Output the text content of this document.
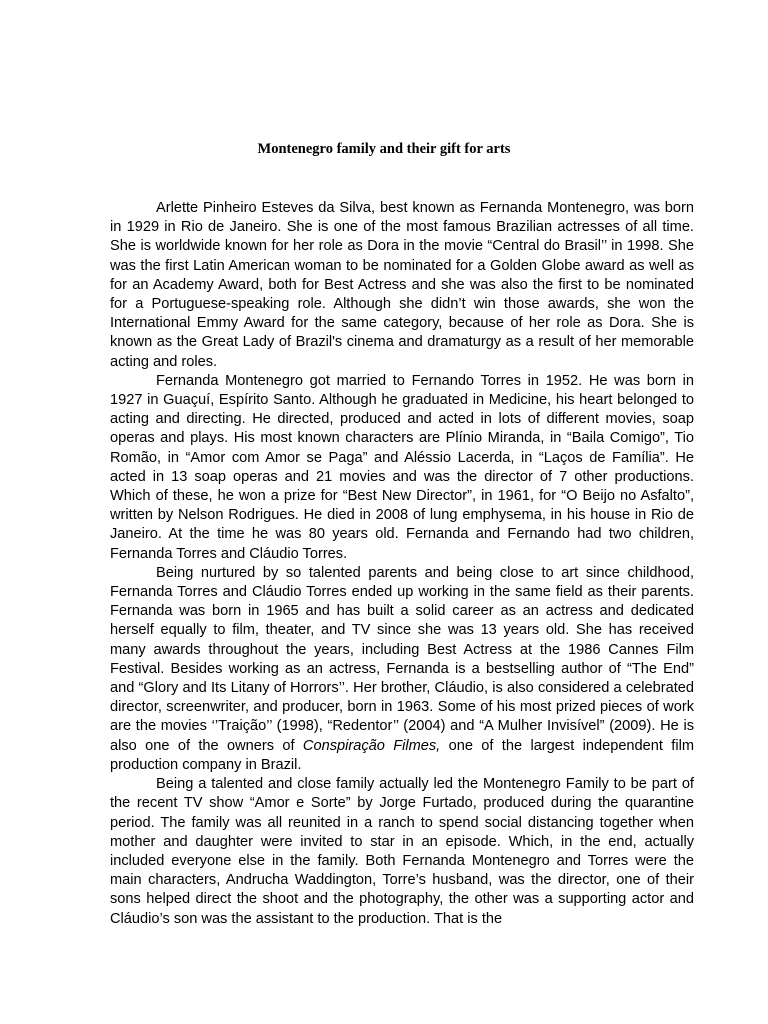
Montenegro family and their gift for arts

Arlette Pinheiro Esteves da Silva, best known as Fernanda Montenegro, was born in 1929 in Rio de Janeiro. She is one of the most famous Brazilian actresses of all time. She is worldwide known for her role as Dora in the movie “Central do Brasil’’ in 1998. She was the first Latin American woman to be nominated for a Golden Globe award as well as for an Academy Award, both for Best Actress and she was also the first to be nominated for a Portuguese-speaking role. Although she didn’t win those awards, she won the International Emmy Award for the same category, because of her role as Dora. She is known as the Great Lady of Brazil's cinema and dramaturgy as a result of her memorable acting and roles.

Fernanda Montenegro got married to Fernando Torres in 1952. He was born in 1927 in Guaçuí, Espírito Santo. Although he graduated in Medicine, his heart belonged to acting and directing. He directed, produced and acted in lots of different movies, soap operas and plays. His most known characters are Plínio Miranda, in “Baila Comigo”, Tio Romão, in “Amor com Amor se Paga” and Aléssio Lacerda, in “Laços de Família”. He acted in 13 soap operas and 21 movies and was the director of 7 other productions. Which of these, he won a prize for “Best New Director”, in 1961, for “O Beijo no Asfalto”, written by Nelson Rodrigues. He died in 2008 of lung emphysema, in his house in Rio de Janeiro. At the time he was 80 years old. Fernanda and Fernando had two children, Fernanda Torres and Cláudio Torres.

Being nurtured by so talented parents and being close to art since childhood, Fernanda Torres and Cláudio Torres ended up working in the same field as their parents. Fernanda was born in 1965 and has built a solid career as an actress and dedicated herself equally to film, theater, and TV since she was 13 years old. She has received many awards throughout the years, including Best Actress at the 1986 Cannes Film Festival. Besides working as an actress, Fernanda is a bestselling author of “The End” and “Glory and Its Litany of Horrors’’. Her brother, Cláudio, is also considered a celebrated director, screenwriter, and producer, born in 1963. Some of his most prized pieces of work are the movies ‘’Traição’’ (1998), “Redentor’’ (2004) and “A Mulher Invisível” (2009). He is also one of the owners of Conspiração Filmes, one of the largest independent film production company in Brazil.

Being a talented and close family actually led the Montenegro Family to be part of the recent TV show “Amor e Sorte” by Jorge Furtado, produced during the quarantine period. The family was all reunited in a ranch to spend social distancing together when mother and daughter were invited to star in an episode. Which, in the end, actually included everyone else in the family. Both Fernanda Montenegro and Torres were the main characters, Andrucha Waddington, Torre’s husband, was the director, one of their sons helped direct the shoot and the photography, the other was a supporting actor and Cláudio’s son was the assistant to the production. That is the
